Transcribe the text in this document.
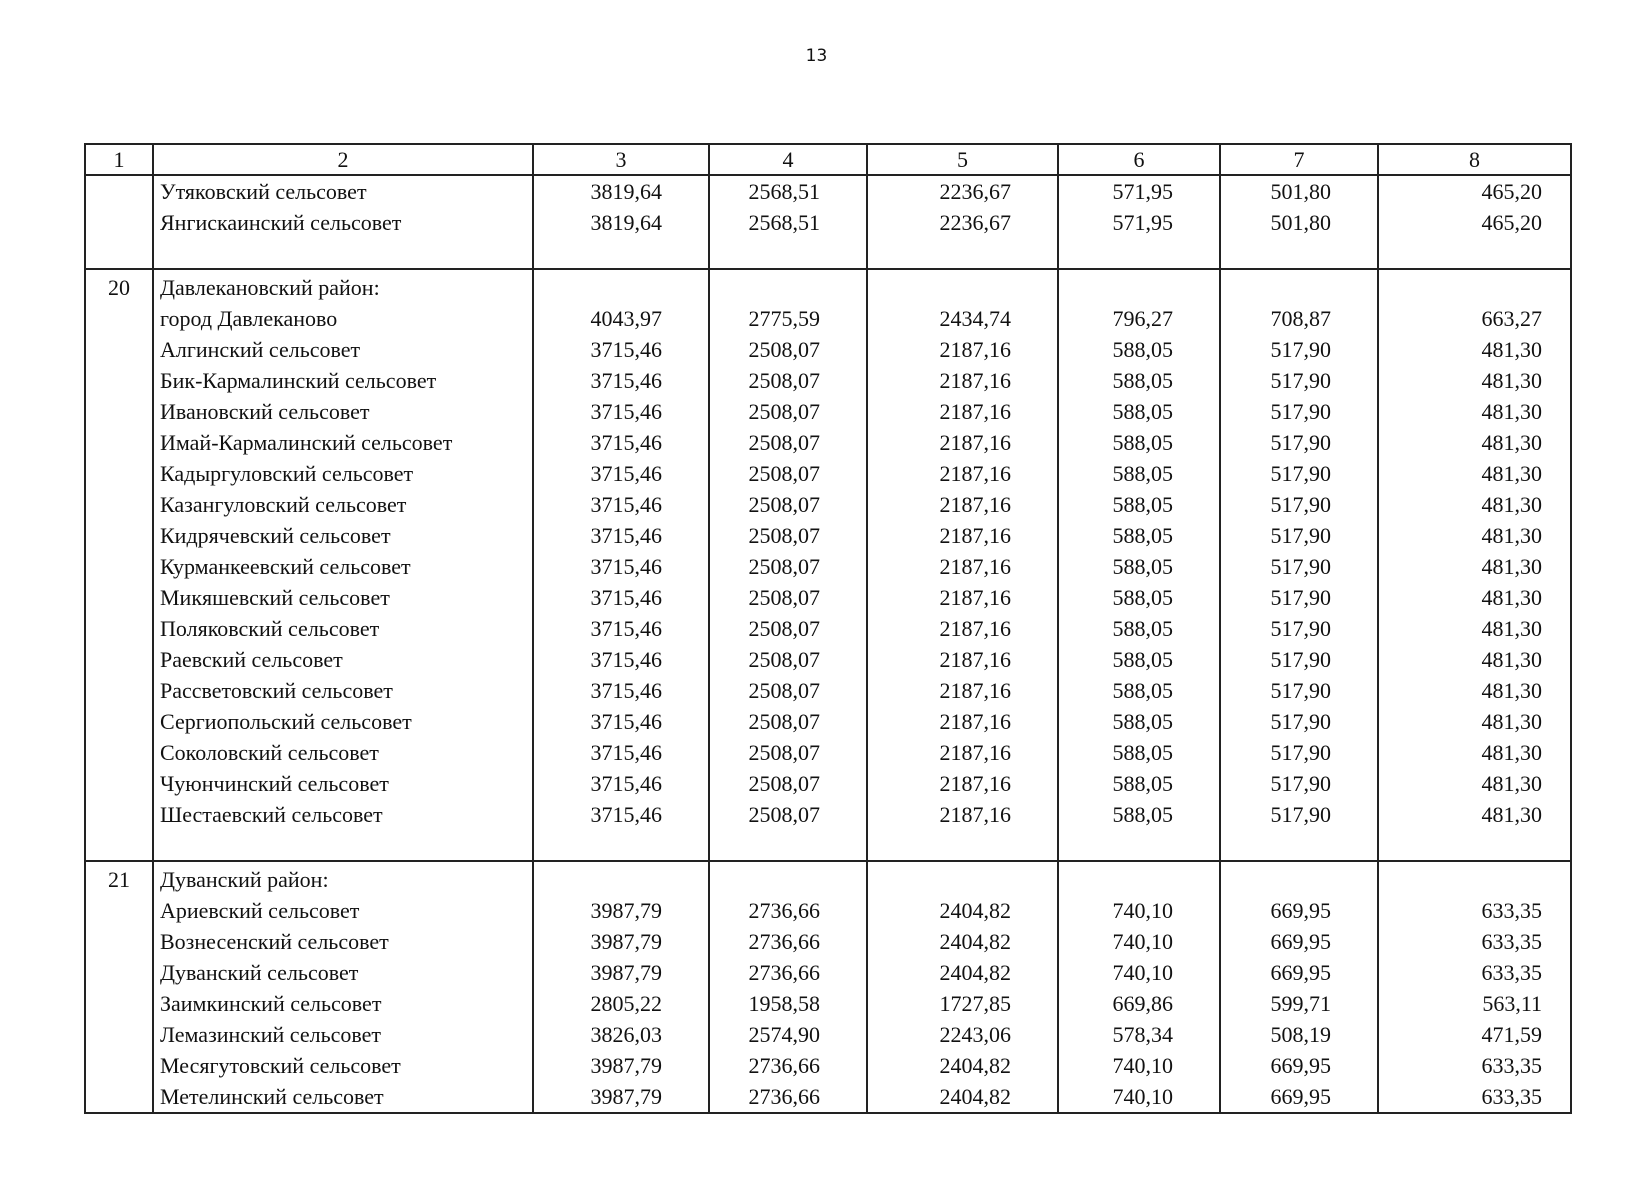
13
1	2	3	4	5	6	7	8
	Утяковский сельсовет	3819,64	2568,51	2236,67	571,95	501,80	465,20
	Янгискаинский сельсовет	3819,64	2568,51	2236,67	571,95	501,80	465,20

20	Давлекановский район:						
	город Давлеканово	4043,97	2775,59	2434,74	796,27	708,87	663,27
	Алгинский сельсовет	3715,46	2508,07	2187,16	588,05	517,90	481,30
	Бик-Кармалинский сельсовет	3715,46	2508,07	2187,16	588,05	517,90	481,30
	Ивановский сельсовет	3715,46	2508,07	2187,16	588,05	517,90	481,30
	Имай-Кармалинский сельсовет	3715,46	2508,07	2187,16	588,05	517,90	481,30
	Кадыргуловский сельсовет	3715,46	2508,07	2187,16	588,05	517,90	481,30
	Казангуловский сельсовет	3715,46	2508,07	2187,16	588,05	517,90	481,30
	Кидрячевский сельсовет	3715,46	2508,07	2187,16	588,05	517,90	481,30
	Курманкеевский сельсовет	3715,46	2508,07	2187,16	588,05	517,90	481,30
	Микяшевский сельсовет	3715,46	2508,07	2187,16	588,05	517,90	481,30
	Поляковский сельсовет	3715,46	2508,07	2187,16	588,05	517,90	481,30
	Раевский сельсовет	3715,46	2508,07	2187,16	588,05	517,90	481,30
	Рассветовский сельсовет	3715,46	2508,07	2187,16	588,05	517,90	481,30
	Сергиопольский сельсовет	3715,46	2508,07	2187,16	588,05	517,90	481,30
	Соколовский сельсовет	3715,46	2508,07	2187,16	588,05	517,90	481,30
	Чуюнчинский сельсовет	3715,46	2508,07	2187,16	588,05	517,90	481,30
	Шестаевский сельсовет	3715,46	2508,07	2187,16	588,05	517,90	481,30

21	Дуванский район:						
	Ариевский сельсовет	3987,79	2736,66	2404,82	740,10	669,95	633,35
	Вознесенский сельсовет	3987,79	2736,66	2404,82	740,10	669,95	633,35
	Дуванский сельсовет	3987,79	2736,66	2404,82	740,10	669,95	633,35
	Заимкинский сельсовет	2805,22	1958,58	1727,85	669,86	599,71	563,11
	Лемазинский сельсовет	3826,03	2574,90	2243,06	578,34	508,19	471,59
	Месягутовский сельсовет	3987,79	2736,66	2404,82	740,10	669,95	633,35
	Метелинский сельсовет	3987,79	2736,66	2404,82	740,10	669,95	633,35
